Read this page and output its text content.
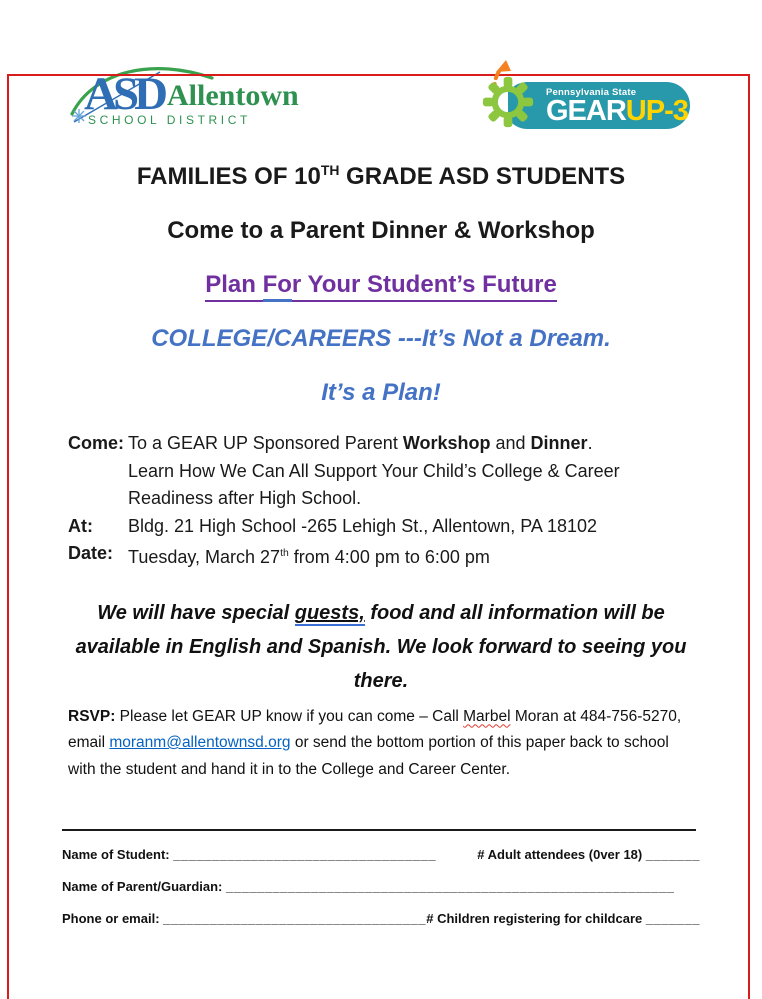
ASD Allentown
SCHOOL DISTRICT
Pennsylvania State
GEAR UP-3
FAMILIES OF 10TH GRADE ASD STUDENTS
Come to a Parent Dinner & Workshop
Plan For Your Student’s Future
COLLEGE/CAREERS ---It’s Not a Dream.
It’s a Plan!
Come: To a GEAR UP Sponsored Parent Workshop and Dinner.
Learn How We Can All Support Your Child’s College & Career
Readiness after High School.
At:	Bldg. 21 High School -265 Lehigh St., Allentown, PA 18102
Date: Tuesday, March 27th from 4:00 pm to 6:00 pm
We will have special guests, food and all information will be available in English and Spanish. We look forward to seeing you there.
RSVP: Please let GEAR UP know if you can come – Call Marbel Moran at 484-756-5270, email moranm@allentownsd.org or send the bottom portion of this paper back to school with the student and hand it in to the College and Career Center.
Name of Student: __________________________________	# Adult attendees (0ver 18) _______
Name of Parent/Guardian: __________________________________________________________
Phone or email: __________________________________ # Children registering for childcare _______
